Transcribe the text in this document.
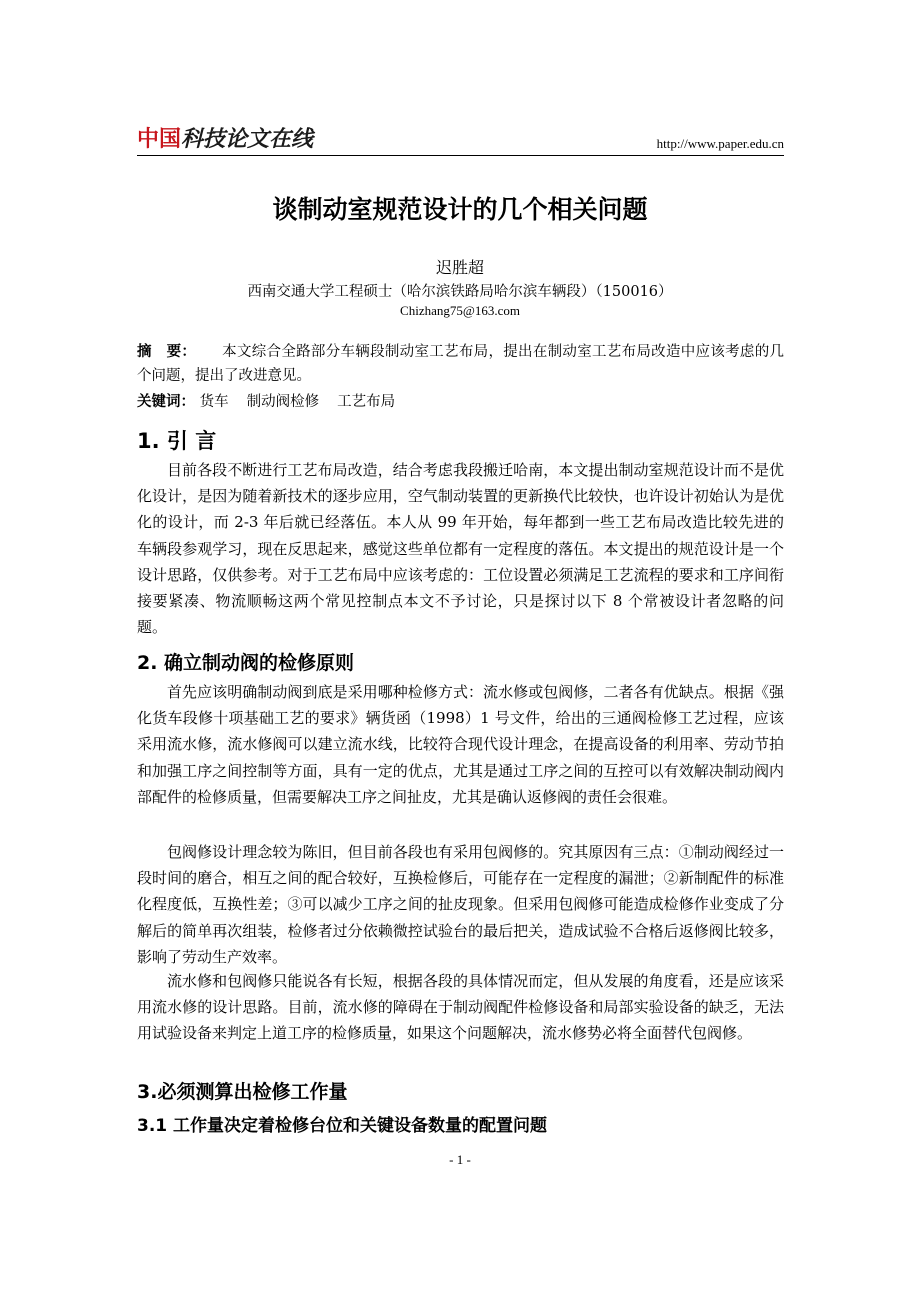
中国科技论文在线	http://www.paper.edu.cn
谈制动室规范设计的几个相关问题
迟胜超
西南交通大学工程硕士（哈尔滨铁路局哈尔滨车辆段）（150016）
Chizhang75@163.com
摘　要： 本文综合全路部分车辆段制动室工艺布局，提出在制动室工艺布局改造中应该考虑的几个问题，提出了改进意见。
关键词： 货车 制动阀检修 工艺布局
1. 引 言

目前各段不断进行工艺布局改造，结合考虑我段搬迁哈南，本文提出制动室规范设计而不是优化设计，是因为随着新技术的逐步应用，空气制动装置的更新换代比较快，也许设计初始认为是优化的设计，而 2-3 年后就已经落伍。本人从 99 年开始，每年都到一些工艺布局改造比较先进的车辆段参观学习，现在反思起来，感觉这些单位都有一定程度的落伍。本文提出的规范设计是一个设计思路，仅供参考。对于工艺布局中应该考虑的：工位设置必须满足工艺流程的要求和工序间衔接要紧凑、物流顺畅这两个常见控制点本文不予讨论，只是探讨以下 8 个常被设计者忽略的问题。

2. 确立制动阀的检修原则

首先应该明确制动阀到底是采用哪种检修方式：流水修或包阀修，二者各有优缺点。根据《强化货车段修十项基础工艺的要求》辆货函（1998）1 号文件，给出的三通阀检修工艺过程，应该采用流水修，流水修阀可以建立流水线，比较符合现代设计理念，在提高设备的利用率、劳动节拍和加强工序之间控制等方面，具有一定的优点，尤其是通过工序之间的互控可以有效解决制动阀内部配件的检修质量，但需要解决工序之间扯皮，尤其是确认返修阀的责任会很难。

包阀修设计理念较为陈旧，但目前各段也有采用包阀修的。究其原因有三点：①制动阀经过一段时间的磨合，相互之间的配合较好，互换检修后，可能存在一定程度的漏泄；②新制配件的标准化程度低，互换性差；③可以减少工序之间的扯皮现象。但采用包阀修可能造成检修作业变成了分解后的简单再次组装，检修者过分依赖微控试验台的最后把关，造成试验不合格后返修阀比较多，影响了劳动生产效率。

流水修和包阀修只能说各有长短，根据各段的具体情况而定，但从发展的角度看，还是应该采用流水修的设计思路。目前，流水修的障碍在于制动阀配件检修设备和局部实验设备的缺乏，无法用试验设备来判定上道工序的检修质量，如果这个问题解决，流水修势必将全面替代包阀修。

3.必须测算出检修工作量
3.1 工作量决定着检修台位和关键设备数量的配置问题
- 1 -
